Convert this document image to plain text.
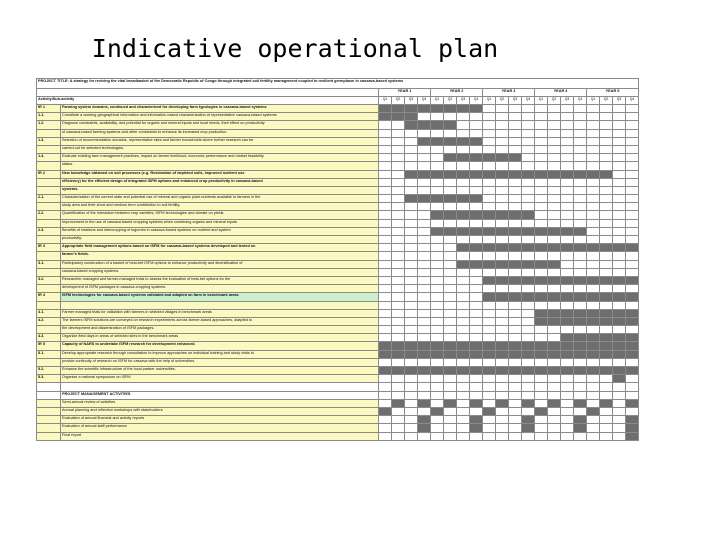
Indicative operational plan
PROJECT TITLE: A strategy for reviving the vital breadbasket of the Democratic Republic of Congo through integrated soil fertility management coupled to resilient germplasm in cassava-based systems																					
		YEAR 1				YEAR 2				YEAR 3				YEAR 4				YEAR 5			
Activity/Sub-activity		Q1	Q2	Q3	Q4	Q1	Q2	Q3	Q4	Q1	Q2	Q3	Q4	Q1	Q2	Q3	Q4	Q1	Q2	Q3	Q4
IR 1	Farming system domains, continued and characterized for developing farm typologies in cassava-based systems																				
1.1.	Constitute a working geographical information and information-based characterization of representative cassava-based systems																				
1.2.	Diagnose constraints, availability, and potential for organic and mineral inputs and local needs, their effect on productivity																				
	of cassava-based farming systems and other constraints to enhance its increased crop production.																				
1.3.	Selection of recommendation domains, representative sites and farmer households where further research can be																				
	carried out for selected technologies.																				
1.4.	Evaluate existing farm management practices, impact on farmer livelihood, economic performance and market feasibility																				
	status.																				
IR 2	New knowledge obtained on soil processes (e.g. Restoration of depleted soils, improved nutrient use																				
	efficiency) for the efficient design of integrated ISFM options and enhanced crop productivity in cassava-based																				
	systems.																				
2.1.	Characterization of the current state and potential use of mineral and organic plant nutrients available to farmers in the																				
	study area and their short and medium term contribution to soil fertility.																				
2.2.	Quantification of the interaction between crop varieties, ISFM technologies and climate on yields																				
	Improvement in the use of cassava based cropping systems when combining organic and mineral inputs																				
2.3.	Benefits of rotations and intercropping of legumes in cassava-based systems on nutrient and system																				
	productivity.																				
IR 3	Appropriate field management options based on ISFM for cassava-based systems developed and tested on																				
	farmer's fields.																				
3.1.	Participatory construction of a basket of best-bet ISFM options to enhance productivity and diversification of																				
	cassava-based cropping systems.																				
3.2.	Researcher-managed and farmer-managed trials to assess the evaluation of best-bet options for the																				
	development of ISFM packages in cassava-cropping systems.																				
IR 4	ISFM technologies for cassava-based systems validated and adapted on farm in benchmark areas																				

4.1.	Farmer managed trials for validation with farmers in selected villages in benchmark areas																				
4.2.	The farmers ISFM solutions are conveyed on research experiments across farmer-based approaches, adapted to																				
	the development and dissemination of ISFM packages.																				
4.3.	Organize field days in areas of selected sites in the benchmark areas																				
IR 5	Capacity of NARS to undertake ISFM research for development enhanced.																				
5.1.	Develop appropriate research through consultation to improve approaches on individual training and study visits to																				
	provide continuity of research on ISFM for cassava with the help of universities.																				
5.2.	Enhance the scientific infrastructure of the local partner universities.																				
5.3.	Organize a national symposium on ISFM																				

	PROJECT MANAGEMENT ACTIVITIES																				
	Semi-annual review of activities																				
	Annual planning and reflection workshops with stakeholders																				
	Evaluation of annual financial and activity reports																				
	Evaluation of annual staff performance																				
	Final report																				
